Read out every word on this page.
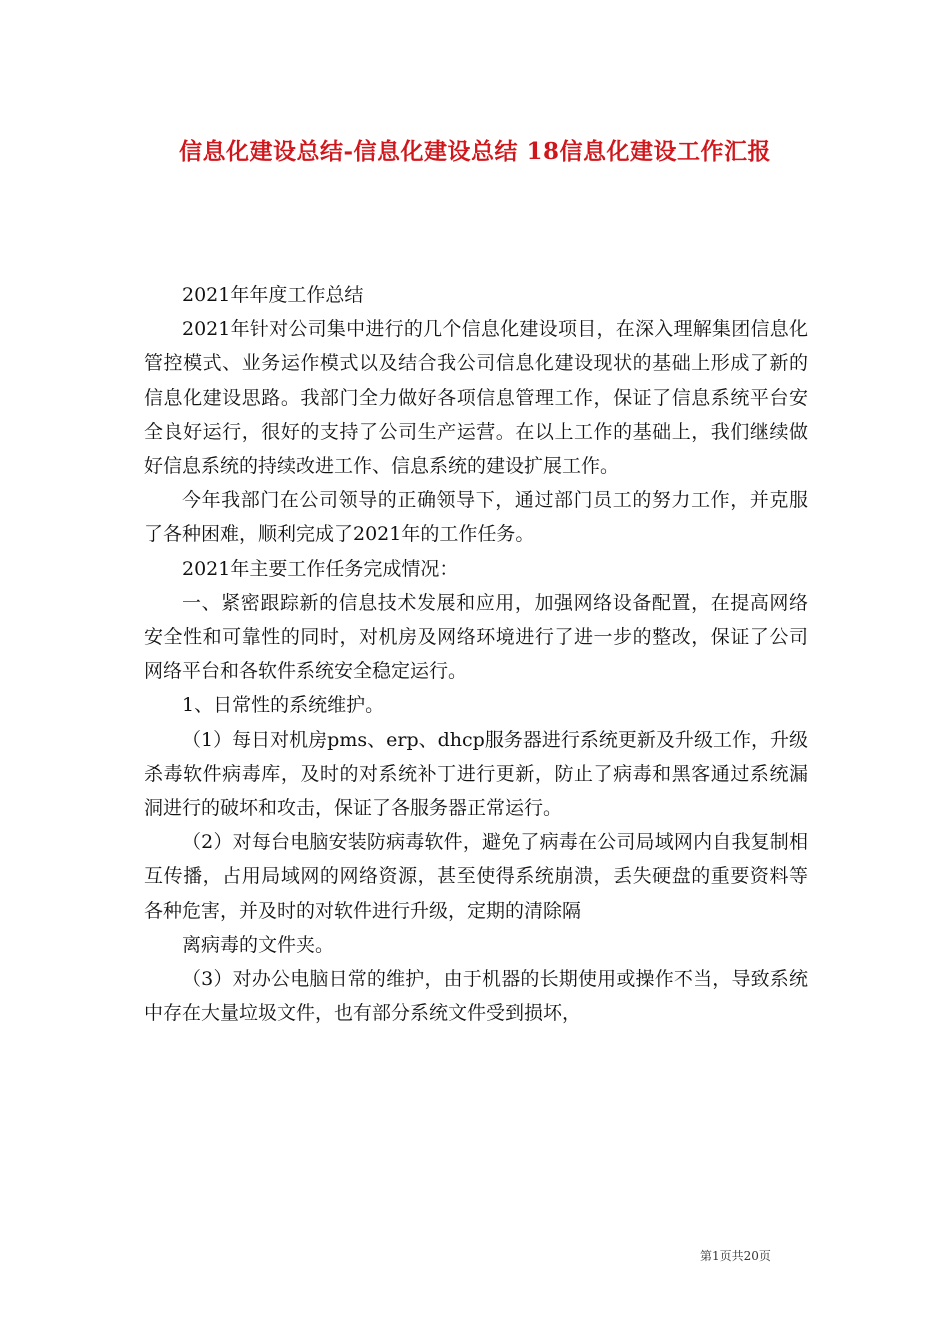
信息化建设总结-信息化建设总结 18信息化建设工作汇报

2021年年度工作总结

2021年针对公司集中进行的几个信息化建设项目，在深入理解集团信息化管控模式、业务运作模式以及结合我公司信息化建设现状的基础上形成了新的信息化建设思路。我部门全力做好各项信息管理工作，保证了信息系统平台安全良好运行，很好的支持了公司生产运营。在以上工作的基础上，我们继续做好信息系统的持续改进工作、信息系统的建设扩展工作。

今年我部门在公司领导的正确领导下，通过部门员工的努力工作，并克服了各种困难，顺利完成了2021年的工作任务。

2021年主要工作任务完成情况：

一、紧密跟踪新的信息技术发展和应用，加强网络设备配置，在提高网络安全性和可靠性的同时，对机房及网络环境进行了进一步的整改，保证了公司网络平台和各软件系统安全稳定运行。

1、日常性的系统维护。

（1）每日对机房pms、erp、dhcp服务器进行系统更新及升级工作，升级杀毒软件病毒库，及时的对系统补丁进行更新，防止了病毒和黑客通过系统漏洞进行的破坏和攻击，保证了各服务器正常运行。

（2）对每台电脑安装防病毒软件，避免了病毒在公司局域网内自我复制相互传播，占用局域网的网络资源，甚至使得系统崩溃，丢失硬盘的重要资料等各种危害，并及时的对软件进行升级，定期的清除隔

离病毒的文件夹。

（3）对办公电脑日常的维护，由于机器的长期使用或操作不当，导致系统中存在大量垃圾文件，也有部分系统文件受到损坏，

第1页共20页
